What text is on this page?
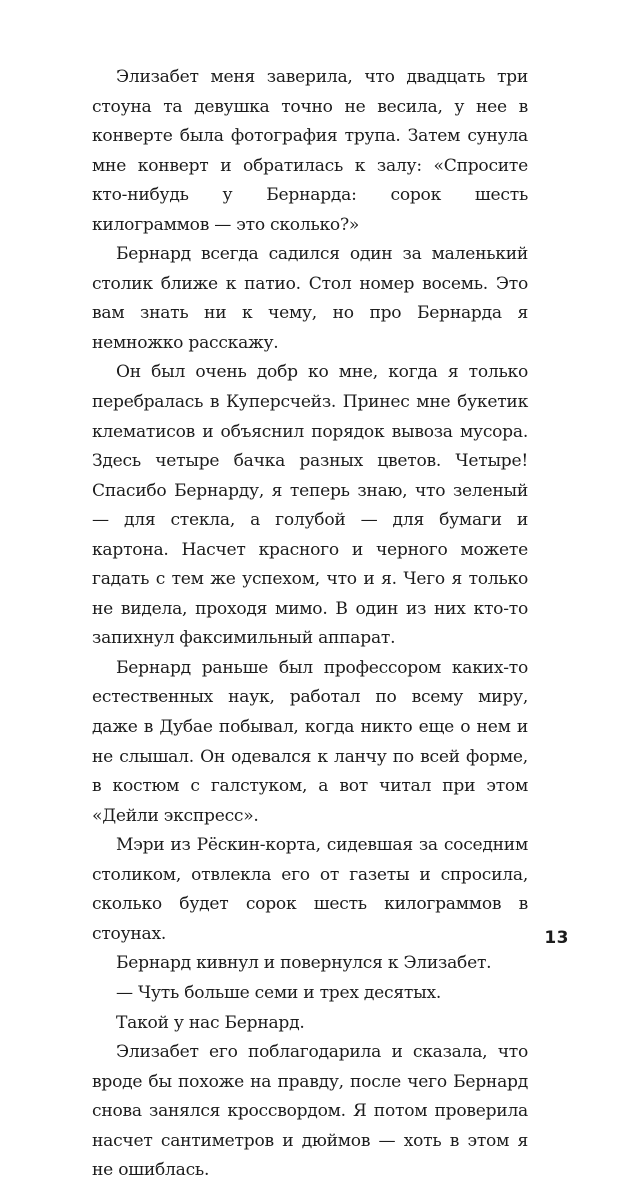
Элизабет меня заверила, что двадцать три стоуна та девушка точно не весила, у нее в конверте была фотография трупа. Затем сунула мне конверт и обратилась к залу: «Спросите кто-нибудь у Бернарда: сорок шесть килограммов — это сколько?»

Бернард всегда садился один за маленький столик ближе к патио. Стол номер восемь. Это вам знать ни к чему, но про Бернарда я немножко расскажу.

Он был очень добр ко мне, когда я только перебралась в Куперсчейз. Принес мне букетик клематисов и объяснил порядок вывоза мусора. Здесь четыре бачка разных цветов. Четыре! Спасибо Бернарду, я теперь знаю, что зеленый — для стекла, а голубой — для бумаги и картона. Насчет красного и черного можете гадать с тем же успехом, что и я. Чего я только не видела, проходя мимо. В один из них кто-то запихнул факсимильный аппарат.

Бернард раньше был профессором каких-то естественных наук, работал по всему миру, даже в Дубае побывал, когда никто еще о нем и не слышал. Он одевался к ланчу по всей форме, в костюм с галстуком, а вот читал при этом «Дейли экспресс».

Мэри из Рёскин-корта, сидевшая за соседним столиком, отвлекла его от газеты и спросила, сколько будет сорок шесть килограммов в стоунах.

Бернард кивнул и повернулся к Элизабет.

— Чуть больше семи и трех десятых.

Такой у нас Бернард.

Элизабет его поблагодарила и сказала, что вроде бы похоже на правду, после чего Бернард снова занялся кроссвордом. Я потом проверила насчет сантиметров и дюймов — хоть в этом я не ошиблась.

13
